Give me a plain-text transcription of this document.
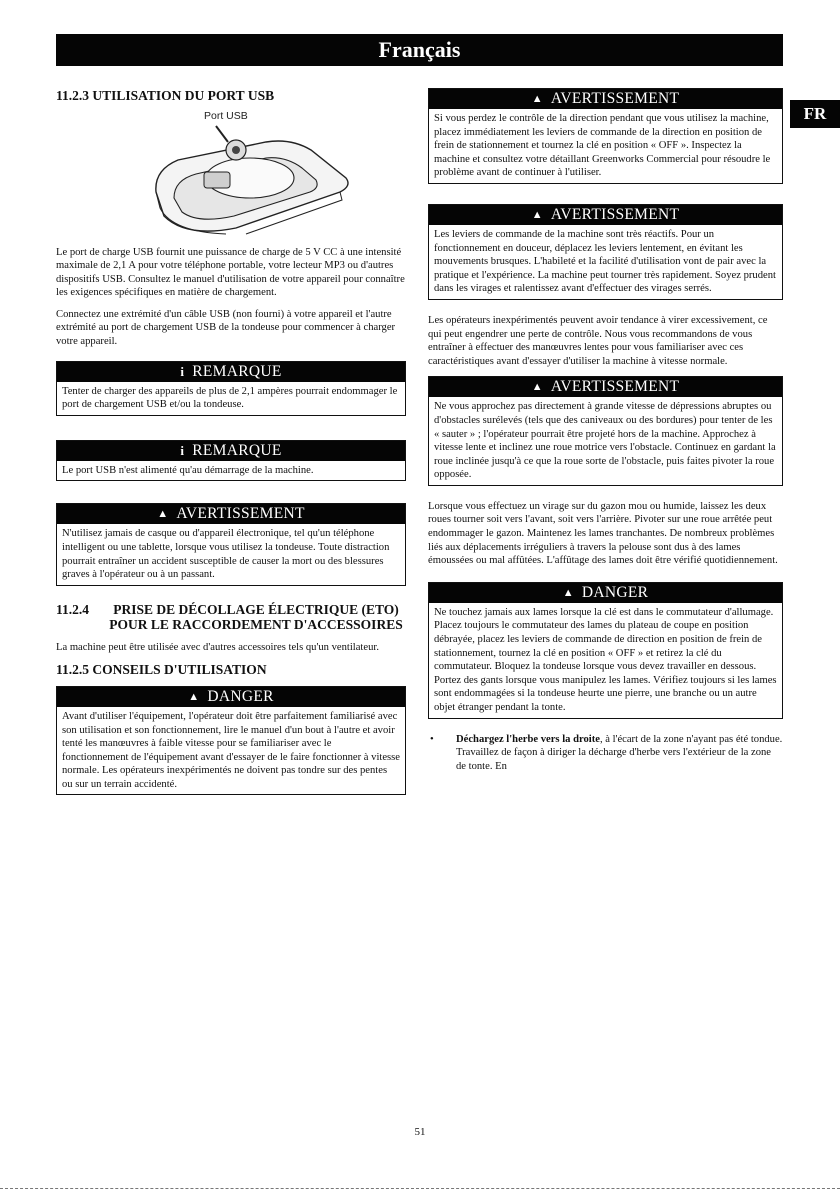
Français
FR
11.2.3 UTILISATION DU PORT USB
Port USB

Le port de charge USB fournit une puissance de charge de 5 V CC à une intensité maximale de 2,1 A pour votre téléphone portable, votre lecteur MP3 ou d'autres dispositifs USB. Consultez le manuel d'utilisation de votre appareil pour connaître les exigences spécifiques en matière de chargement.

Connectez une extrémité d'un câble USB (non fourni) à votre appareil et l'autre extrémité au port de chargement USB de la tondeuse pour commencer à charger votre appareil.

i REMARQUE

Tenter de charger des appareils de plus de 2,1 ampères pourrait endommager le port de chargement USB et/ou la tondeuse.

i REMARQUE

Le port USB n'est alimenté qu'au démarrage de la machine.

▲ AVERTISSEMENT

N'utilisez jamais de casque ou d'appareil électronique, tel qu'un téléphone intelligent ou une tablette, lorsque vous utilisez la tondeuse. Toute distraction pourrait entraîner un accident susceptible de causer la mort ou des blessures graves à l'opérateur ou à un passant.

11.2.4	PRISE DE DÉCOLLAGE ÉLECTRIQUE (ETO) POUR LE RACCORDEMENT D'ACCESSOIRES

La machine peut être utilisée avec d'autres accessoires tels qu'un ventilateur.

11.2.5 CONSEILS D'UTILISATION
▲ DANGER

Avant d'utiliser l'équipement, l'opérateur doit être parfaitement familiarisé avec son utilisation et son fonctionnement, lire le manuel d'un bout à l'autre et avoir tenté les manœuvres à faible vitesse pour se familiariser avec le fonctionnement de l'équipement avant d'essayer de le faire fonctionner à vitesse normale. Les opérateurs inexpérimentés ne doivent pas tondre sur des pentes ou sur un terrain accidenté.

▲ AVERTISSEMENT

Si vous perdez le contrôle de la direction pendant que vous utilisez la machine, placez immédiatement les leviers de commande de la direction en position de frein de stationnement et tournez la clé en position « OFF ». Inspectez la machine et consultez votre détaillant Greenworks Commercial pour résoudre le problème avant de continuer à l'utiliser.

▲ AVERTISSEMENT

Les leviers de commande de la machine sont très réactifs. Pour un fonctionnement en douceur, déplacez les leviers lentement, en évitant les mouvements brusques. L'habileté et la facilité d'utilisation vont de pair avec la pratique et l'expérience. La machine peut tourner très rapidement. Soyez prudent dans les virages et ralentissez avant d'effectuer des virages serrés.

Les opérateurs inexpérimentés peuvent avoir tendance à virer excessivement, ce qui peut engendrer une perte de contrôle. Nous vous recommandons de vous entraîner à effectuer des manœuvres lentes pour vous familiariser avec ces caractéristiques avant d'essayer d'utiliser la machine à vitesse normale.

▲ AVERTISSEMENT

Ne vous approchez pas directement à grande vitesse de dépressions abruptes ou d'obstacles surélevés (tels que des caniveaux ou des bordures) pour tenter de les « sauter » ; l'opérateur pourrait être projeté hors de la machine. Approchez à vitesse lente et inclinez une roue motrice vers l'obstacle. Continuez en gardant la roue inclinée jusqu'à ce que la roue sorte de l'obstacle, puis faites pivoter la roue opposée.

Lorsque vous effectuez un virage sur du gazon mou ou humide, laissez les deux roues tourner soit vers l'avant, soit vers l'arrière. Pivoter sur une roue arrêtée peut endommager le gazon. Maintenez les lames tranchantes. De nombreux problèmes liés aux déplacements irréguliers à travers la pelouse sont dus à des lames émoussées ou mal affûtées. L'affûtage des lames doit être vérifié quotidiennement.

▲ DANGER

Ne touchez jamais aux lames lorsque la clé est dans le commutateur d'allumage. Placez toujours le commutateur des lames du plateau de coupe en position débrayée, placez les leviers de commande de direction en position de frein de stationnement, tournez la clé en position « OFF » et retirez la clé du commutateur. Bloquez la tondeuse lorsque vous devez travailler en dessous. Portez des gants lorsque vous manipulez les lames. Vérifiez toujours si les lames sont endommagées si la tondeuse heurte une pierre, une branche ou un autre objet étranger pendant la tonte.

• Déchargez l'herbe vers la droite, à l'écart de la zone n'ayant pas été tondue. Travaillez de façon à diriger la décharge d'herbe vers l'extérieur de la zone de tonte. En
51
